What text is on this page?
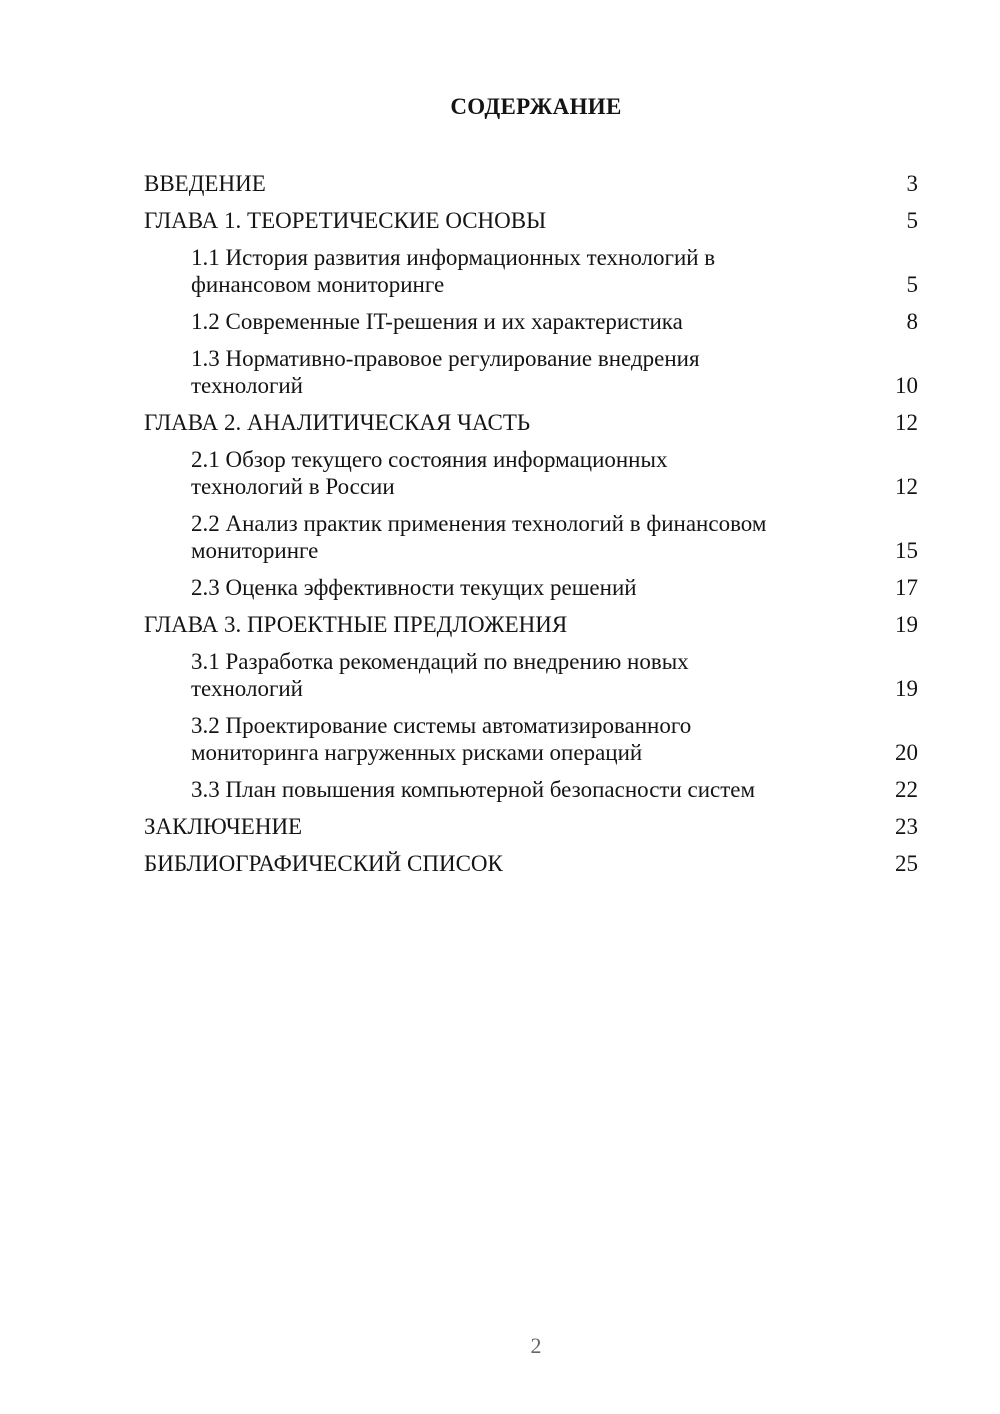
СОДЕРЖАНИЕ
ВВЕДЕНИЕ	3
ГЛАВА 1. ТЕОРЕТИЧЕСКИЕ ОСНОВЫ	5
1.1 История развития информационных технологий в
финансовом мониторинге	5
1.2 Современные IT-решения и их характеристика	8
1.3 Нормативно-правовое регулирование внедрения
технологий	10
ГЛАВА 2. АНАЛИТИЧЕСКАЯ ЧАСТЬ	12
2.1 Обзор текущего состояния информационных
технологий в России	12
2.2 Анализ практик применения технологий в финансовом
мониторинге	15
2.3 Оценка эффективности текущих решений	17
ГЛАВА 3. ПРОЕКТНЫЕ ПРЕДЛОЖЕНИЯ	19
3.1 Разработка рекомендаций по внедрению новых
технологий	19
3.2 Проектирование системы автоматизированного
мониторинга нагруженных рисками операций	20
3.3 План повышения компьютерной безопасности систем	22
ЗАКЛЮЧЕНИЕ	23
БИБЛИОГРАФИЧЕСКИЙ СПИСОК	25
2
